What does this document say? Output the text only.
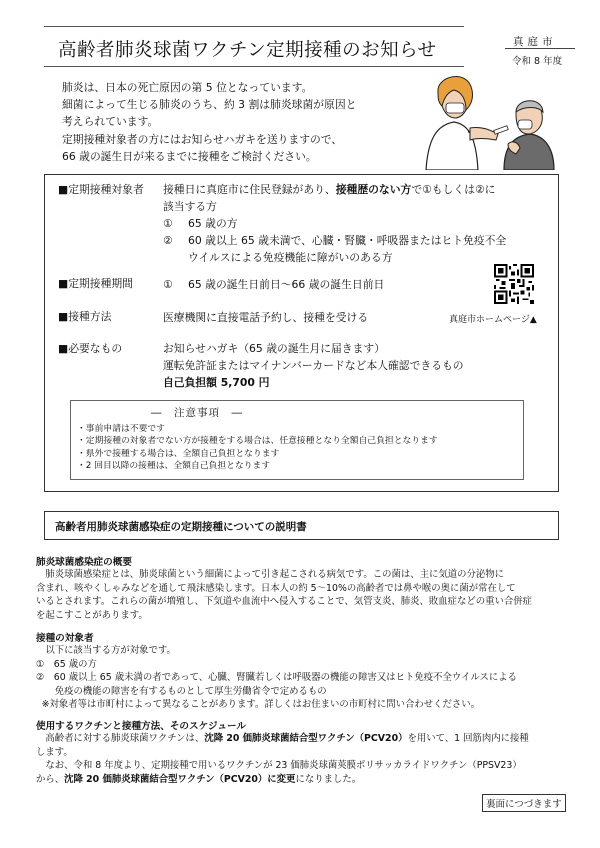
高齢者肺炎球菌ワクチン定期接種のお知らせ	真庭市
令和 8 年度

肺炎は、日本の死亡原因の第 5 位となっています。

細菌によって生じる肺炎のうち、約 3 割は肺炎球菌が原因と

考えられています。

定期接種対象者の方にはお知らせハガキを送りますので、

66 歳の誕生日が来るまでに接種をご検討ください。

■定期接種対象者 接種日に真庭市に住民登録があり、接種歴のない方で①もしくは②に
該当する方
①	65 歳の方
②	60 歳以上 65 歳未満で、心臓・腎臓・呼吸器またはヒト免疫不全
ウイルスによる免疫機能に障がいのある方
■定期接種期間	①	65 歳の誕生日前日～66 歳の誕生日前日
■接種方法	医療機関に直接電話予約し、接種を受ける
■必要なもの	お知らせハガキ（65 歳の誕生月に届きます）
運転免許証またはマイナンバーカードなど本人確認できるもの
自己負担額 5,700 円
真庭市ホームページ▲
―　注意事項　―
・事前申請は不要です
・定期接種の対象者でない方が接種をする場合は、任意接種となり全額自己負担となります
・県外で接種する場合は、全額自己負担となります
・2 回目以降の接種は、全額自己負担となります
高齢者用肺炎球菌感染症の定期接種についての説明書
肺炎球菌感染症の概要

肺炎球菌感染症とは、肺炎球菌という細菌によって引き起こされる病気です。この菌は、主に気道の分泌物に

含まれ、咳やくしゃみなどを通して飛沫感染します。日本人の約 5～10%の高齢者では鼻や喉の奥に菌が常在して

いるとされます。これらの菌が増殖し、下気道や血流中へ侵入することで、気管支炎、肺炎、敗血症などの重い合併症

を起こすことがあります。

接種の対象者

以下に該当する方が対象です。

①　65 歳の方

②　60 歳以上 65 歳未満の者であって、心臓、腎臓若しくは呼吸器の機能の障害又はヒト免疫不全ウイルスによる

免疫の機能の障害を有するものとして厚生労働省令で定めるもの

※対象者等は市町村によって異なることがあります。詳しくはお住まいの市町村に問い合わせください。

使用するワクチンと接種方法、そのスケジュール

高齢者に対する肺炎球菌ワクチンは、沈降 20 価肺炎球菌結合型ワクチン（PCV20）を用いて、1 回筋肉内に接種

します。

なお、令和 8 年度より、定期接種で用いるワクチンが 23 価肺炎球菌莢膜ポリサッカライドワクチン（PPSV23）

から、沈降 20 価肺炎球菌結合型ワクチン（PCV20）に変更になりました。

裏面につづきます
